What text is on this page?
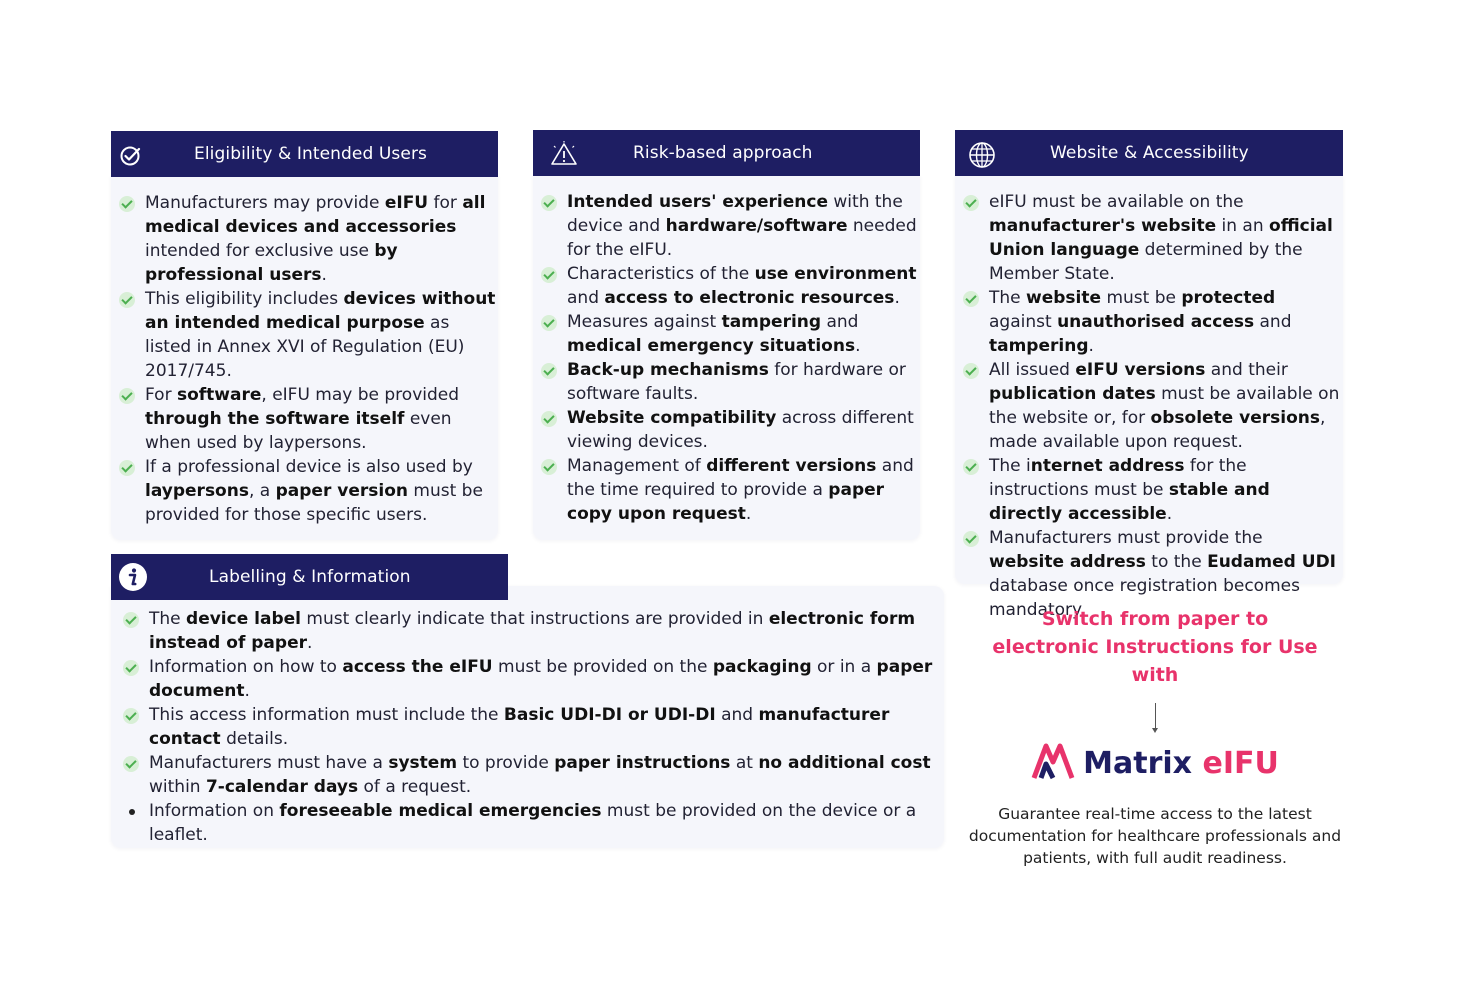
Manufacturers may provide eIFU for all medical devices and accessories intended for exclusive use by professional users.
This eligibility includes devices without an intended medical purpose as listed in Annex XVI of Regulation (EU) 2017/745.
For software, eIFU may be provided through the software itself even when used by laypersons.
If a professional device is also used by laypersons, a paper version must be provided for those specific users.
Eligibility & Intended Users
Intended users' experience with the device and hardware/software needed for the eIFU.
Characteristics of the use environment and access to electronic resources.
Measures against tampering and medical emergency situations.
Back-up mechanisms for hardware or software faults.
Website compatibility across different viewing devices.
Management of different versions and the time required to provide a paper copy upon request.
Risk-based approach
eIFU must be available on the manufacturer's website in an official Union language determined by the Member State.
The website must be protected against unauthorised access and tampering.
All issued eIFU versions and their publication dates must be available on the website or, for obsolete versions, made available upon request.
The internet address for the instructions must be stable and directly accessible.
Manufacturers must provide the website address to the Eudamed UDI database once registration becomes mandatory
Website & Accessibility
The device label must clearly indicate that instructions are provided in electronic form instead of paper.
Information on how to access the eIFU must be provided on the packaging or in a paper document.
This access information must include the Basic UDI-DI or UDI-DI and manufacturer contact details.
Manufacturers must have a system to provide paper instructions at no additional cost within 7-calendar days of a request.
Information on foreseeable medical emergencies must be provided on the device or a leaflet.
Labelling & Information
Switch from paper to electronic Instructions for Use with
Matrix eIFU
Guarantee real-time access to the latest documentation for healthcare professionals and patients, with full audit readiness.
